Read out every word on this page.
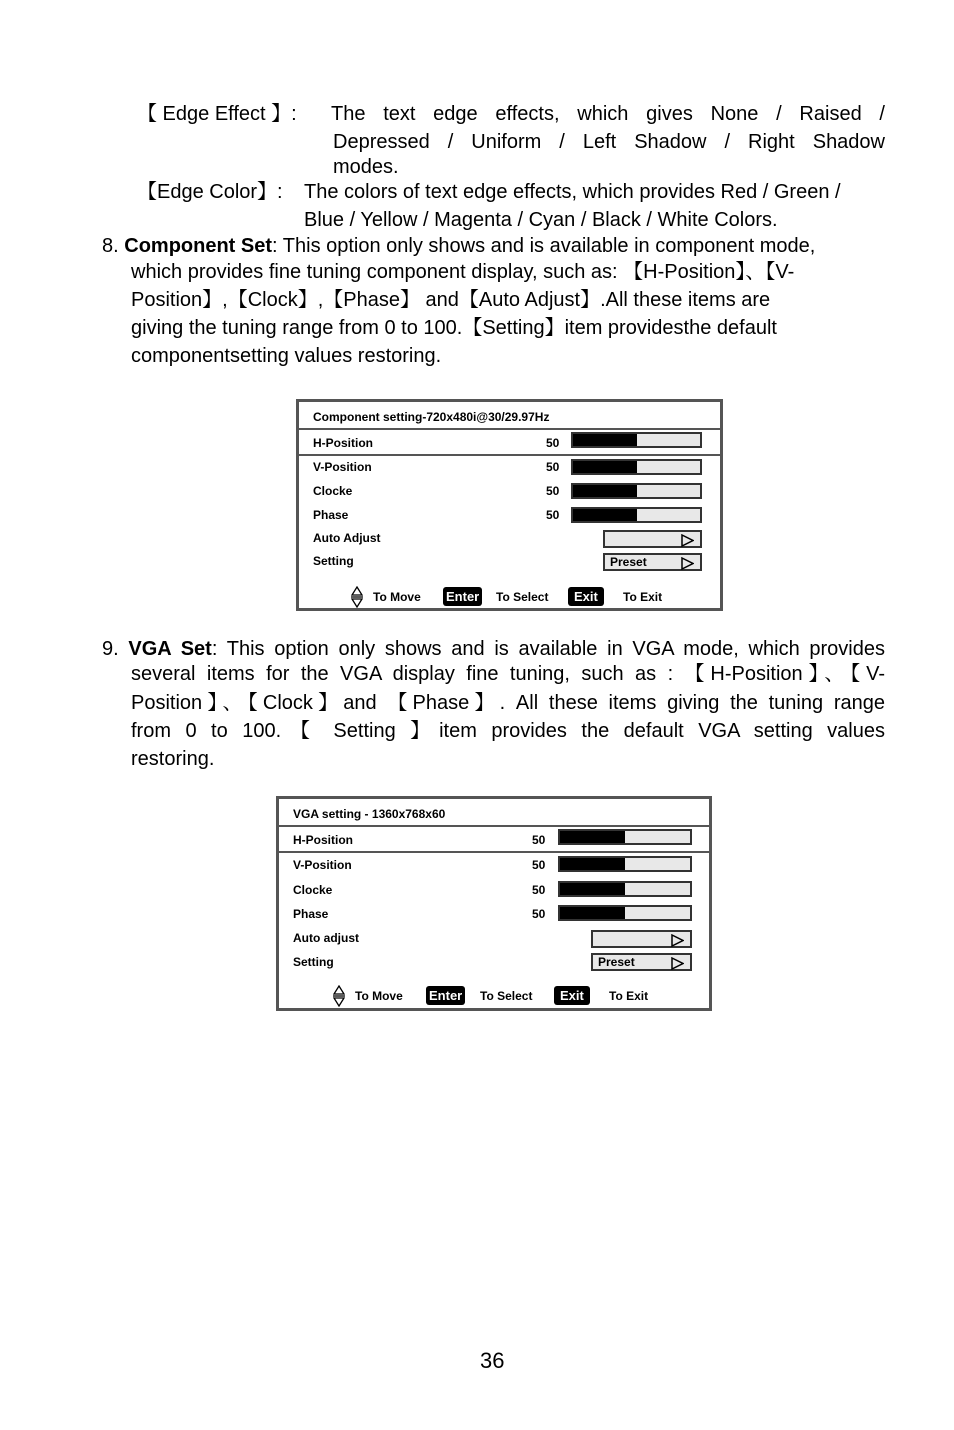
【 Edge Effect 】: The text edge effects, which gives None / Raised /
Depressed / Uniform / Left Shadow / Right Shadow
modes.
【Edge Color】: The colors of text edge effects, which provides Red / Green /
Blue / Yellow / Magenta / Cyan / Black / White Colors.
8. Component Set: This option only shows and is available in component mode,
which provides fine tuning component display, such as: 【H-Position】、【V-
Position】,【Clock】,【Phase】 and【Auto Adjust】.All these items are
giving the tuning range from 0 to 100.【Setting】item providesthe default
componentsetting values restoring.
Component setting-720x480i@30/29.97Hz
H-Position	50
V-Position	50
Clocke	50
Phase	50
Auto Adjust
Setting	Preset
To Move Enter To Select	Exit	To Exit
9. VGA Set: This option only shows and is available in VGA mode, which provides
several items for the VGA display fine tuning, such as : 【H-Position】、【V-
Position】、【Clock】and 【Phase】. All these items giving the tuning range
from 0 to 100.【 Setting 】item provides the default VGA setting values
restoring.
VGA setting - 1360x768x60
H-Position	50
V-Position	50
Clocke	50
Phase	50
Auto adjust
Setting	Preset
To Move Enter To Select	Exit	To Exit
36
